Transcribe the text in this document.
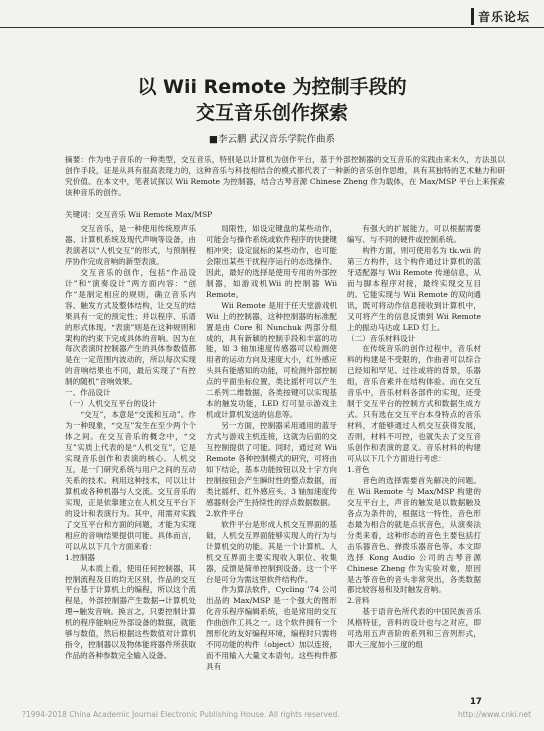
音乐论坛
以 Wii Remote 为控制手段的
交互音乐创作探索
■李云鹏 武汉音乐学院作曲系

摘要：作为电子音乐的一种类型，交互音乐，特别是以计算机为创作平台，基于外部控制器的交互音乐的实践由来未久，方法虽以创作手段，证是从具有很高表现力的，这种音乐与科技相结合的模式都代表了一种新的音乐创作思维，具有其独特的艺术魅力和研究价值。在本文中，笔者试探以 Wii Remote 为控制器，结合古琴音源 Chinese Zheng 作为载体，在 Max/MSP 平台上来探索该种音乐的创作。

关键词：交互音乐 Wii Remote Max/MSP

交互音乐，是一种使用传统原声乐器、计算机系统及现代声响等设备，由表演者以“人机交互”的形式，与预制程序协作完成音响的新型表演。

交互音乐的创作，包括“作品设计”和“演奏设计”两方面内容：“创作”是制定相应的规则，确立音乐内容、触发方式及整体结构，让交互的结果具有一定的预定性；并以程序、乐谱的形式体现。“表演”则是在这种规则和架构的约束下完成具体的音响。因为在每次表演时控制器产生的具体参数值都是在一定范围内波动的，所以每次实现的音响结果也不同，最后实现了“有控制的随机”音响效果。

一、作品设计

（一）人机交互平台的设计

“交互”，本意是“交流和互动”。作为一种现象，“交互”发生在至少两个个体之间。在交互音乐的概念中，“交互”实质上代表的是“人机交互”，它是实现音乐创作和表演的核心。人机交互，是一门研究系统与用户之间的互动关系的技术。利用这种技术，可以让计算机或各种机器与人交流。交互音乐的实现，正是依靠建立在人机交互平台下的设计和表演行为。其中，用需对实践了交互平台和方面的问题，才能为实现相应的音响结果提供可能。具体而言，可以从以下几个方面来看：

1.控制器

从本质上看，使用任何控制器，其控制流程及目的均无区别，作品的交互平台基于计算机上的编程，所以这个流程是，外部控制器产生数据→计算机处理→触发音响。换言之，只要控制计算机的程序能响应外部设备的数据，就能够与数值，然后根据这些数值对计算机指令，控制器以及物体能将器件所获取作品的各种参数完全输入设备。

局限性，如设定键盘的某些动作，可能会与操作系统或软件程序的快捷键相冲突；设定鼠标的某些动作，也可能会限出某些干扰程序运行的态选操作。因此，最好的选择是使用专用的外部控制器，如游戏机Wii 的控制器 Wii Remote。

Wii Remote 是用于任天堂游戏机 Wii 上的控制器，这种控制器的标准配置是由 Core 和 Nunchuk 两部分组成的，具有新颖的控制手段和丰富的功能，如 3 轴加速度传感器可以检测使用者的运动方向及速度大小，红外感应头具有能感知的功能，可检测外部控制点的平面坐标位置，类比摇杆可以产生二系列二维数据，各类按键可以实现基本的触发功能，LED 灯可显示游戏主机或计算机发送的信息等。

另一方面，控制器采用通用的蓝牙方式与游戏主机连接，这就为后面的交互控制提供了可能。同时，通过对 Wii Remote 各种控制模式的研究，可将由如下结论，基本功能按钮以及十字方向控制按钮会产生瞬时性的整点数据，而类比摇杆、红外感应头、3 轴加速度传感器则会产生持续性的浮点数据数据。

2.软件平台

软件平台是形成人机交互界面的基础，人机交互界面能够实现人的行为与计算机交的功能。其是一个计算机、人机交互界面主要实现收入职位、收集器，反馈是简单控制到设备。这一个平台是可分为需这里软件结构作。

作为算法软件，Cycling ’74 公司出品的 Max/MSP 是一个强大的图形化音乐程序编辑系统，也是常用的交互作曲创作工具之一。这个软件拥有一个图形化的友好编程环境，编程时只需将不同功能的构件（object）加以连接，而不用输入大量文本语句。这些构件都具有

有强大的扩展能力，可以根据需要编写、与不同的硬件或控制系统。

构件方面，则可使用名为 tk.wii 的第三方构件，这个构件通过计算机的蓝牙适配器与 Wii Remote 传递信息，从而与脚本程序对接，最终实现交互目的。它能实现与 Wii Remote 的双向通讯，既可将动作信息接收到计算机中，又可将产生的信息反馈到 Wii Remote 上的振动马达或 LED 灯上。

（二）音乐材料设计

在传统音乐的创作过程中，音乐材料的构建是不受限的，作曲者可以综合已经知和罕见、过往或将的背景，乐器组，音乐音素并在结构体验。而在交互音乐中，音乐材料各部件的实现，还受制于交互平台的控制方式和数据生成方式。只有选在交互平台本身特点的音乐材料，才能够通过人机交互获得发展，否则，材料不可控，也就失去了交互音乐创作和表演的意义。音乐材料的构建可从以下几个方面进行考虑：

1.音色

音色的选择需要首先解决的问题。在 Wii Remote 与 Max/MSP 构建的交互平台上，声音的触发是以数据触及各点为条件的，根据这一特性，音色形态最为相合的就是点状音色，从演奏法分类来看，这种形态的音色主要包括打击乐器音色、弹拨乐器音色等。本文即选择 Kong Audio 公司的古琴音源 Chinese Zheng 作为实验对象，原因是古筝音色的音头非常突出，各类数据都比较容易和及时触发音响。

2.音料

基于语音色所代表的中国民族音乐风格特征，音料的设计也与之对应，即可选用五声音阶的系列和三音列形式，即大三度加小三度的组

17
?1994-2018 China Academic Journal Electronic Publishing House. All rights reserved.	http://www.cnki.net
